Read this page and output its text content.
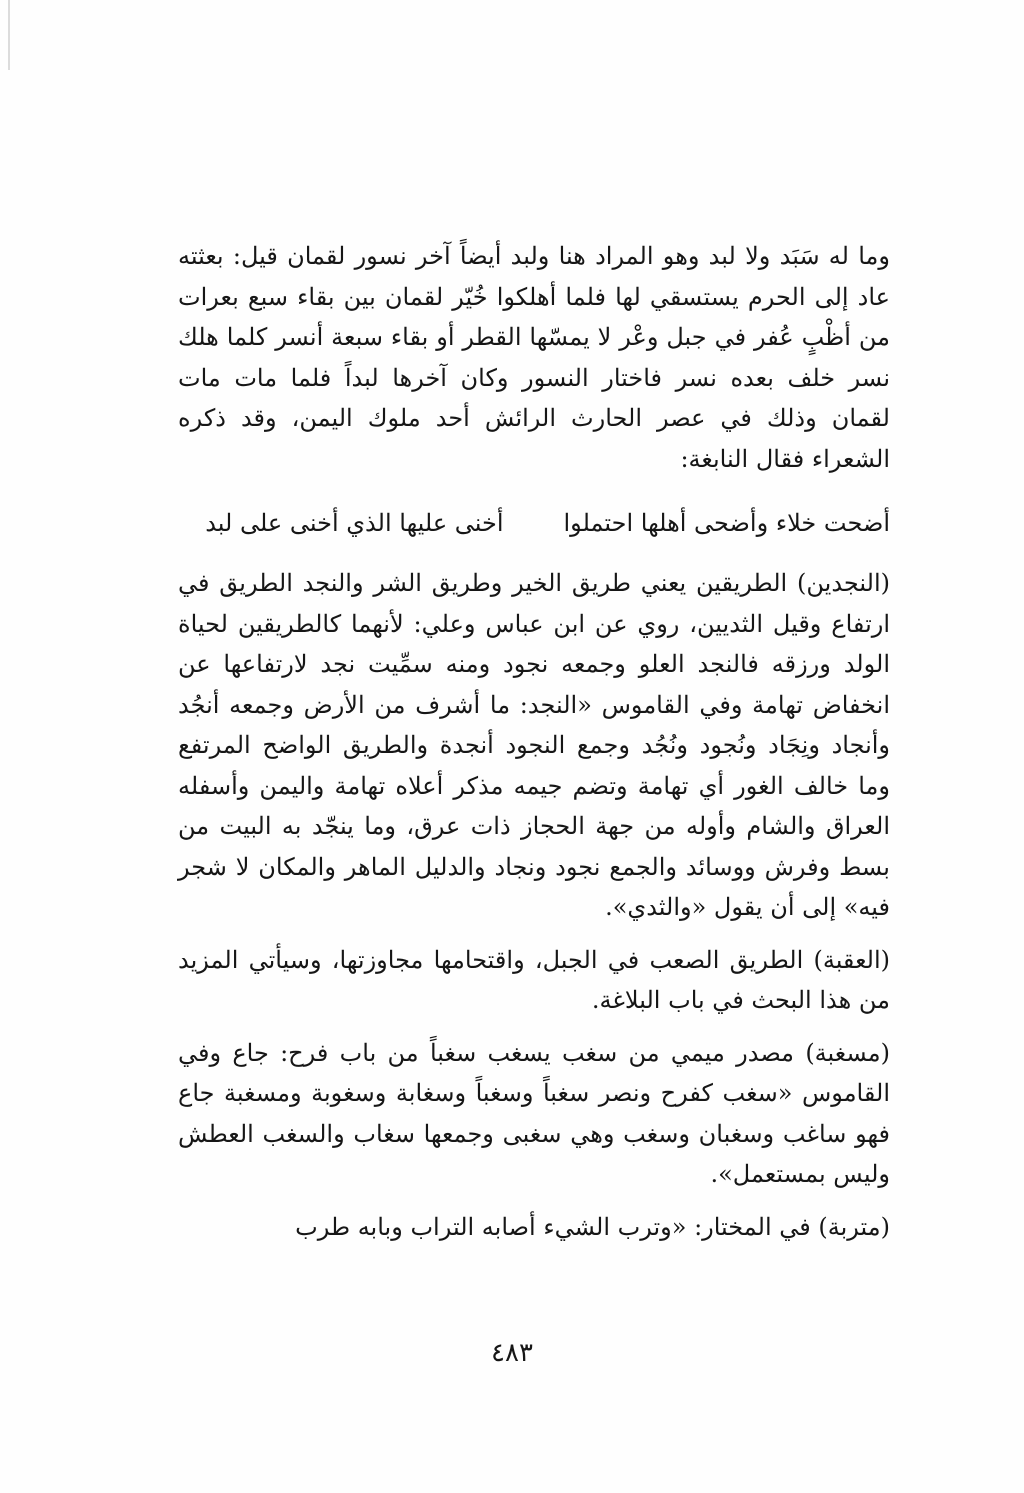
وما له سَبَد ولا لبد وهو المراد هنا ولبد أيضاً آخر نسور لقمان قيل: بعثته عاد إلى الحرم يستسقي لها فلما أهلكوا خُيّر لقمان بين بقاء سبع بعرات من أظْبٍ عُفر في جبل وعْر لا يمسّها القطر أو بقاء سبعة أنسر كلما هلك نسر خلف بعده نسر فاختار النسور وكان آخرها لبداً فلما مات مات لقمان وذلك في عصر الحارث الرائش أحد ملوك اليمن، وقد ذكره الشعراء فقال النابغة:

أضحت خلاء وأضحى أهلها احتملوا
أخنى عليها الذي أخنى على لبد

(النجدين) الطريقين يعني طريق الخير وطريق الشر والنجد الطريق في ارتفاع وقيل الثديين، روي عن ابن عباس وعلي: لأنهما كالطريقين لحياة الولد ورزقه فالنجد العلو وجمعه نجود ومنه سمِّيت نجد لارتفاعها عن انخفاض تهامة وفي القاموس «النجد: ما أشرف من الأرض وجمعه أنجُد وأنجاد ونِجَاد ونُجود ونُجُد وجمع النجود أنجدة والطريق الواضح المرتفع وما خالف الغور أي تهامة وتضم جيمه مذكر أعلاه تهامة واليمن وأسفله العراق والشام وأوله من جهة الحجاز ذات عرق، وما ينجّد به البيت من بسط وفرش ووسائد والجمع نجود ونجاد والدليل الماهر والمكان لا شجر فيه» إلى أن يقول «والثدي».

(العقبة) الطريق الصعب في الجبل، واقتحامها مجاوزتها، وسيأتي المزيد من هذا البحث في باب البلاغة.

(مسغبة) مصدر ميمي من سغب يسغب سغباً من باب فرح: جاع وفي القاموس «سغب كفرح ونصر سغباً وسغباً وسغابة وسغوبة ومسغبة جاع فهو ساغب وسغبان وسغب وهي سغبى وجمعها سغاب والسغب العطش وليس بمستعمل».

(متربة) في المختار: «وترب الشيء أصابه التراب وبابه طرب

٤٨٣
